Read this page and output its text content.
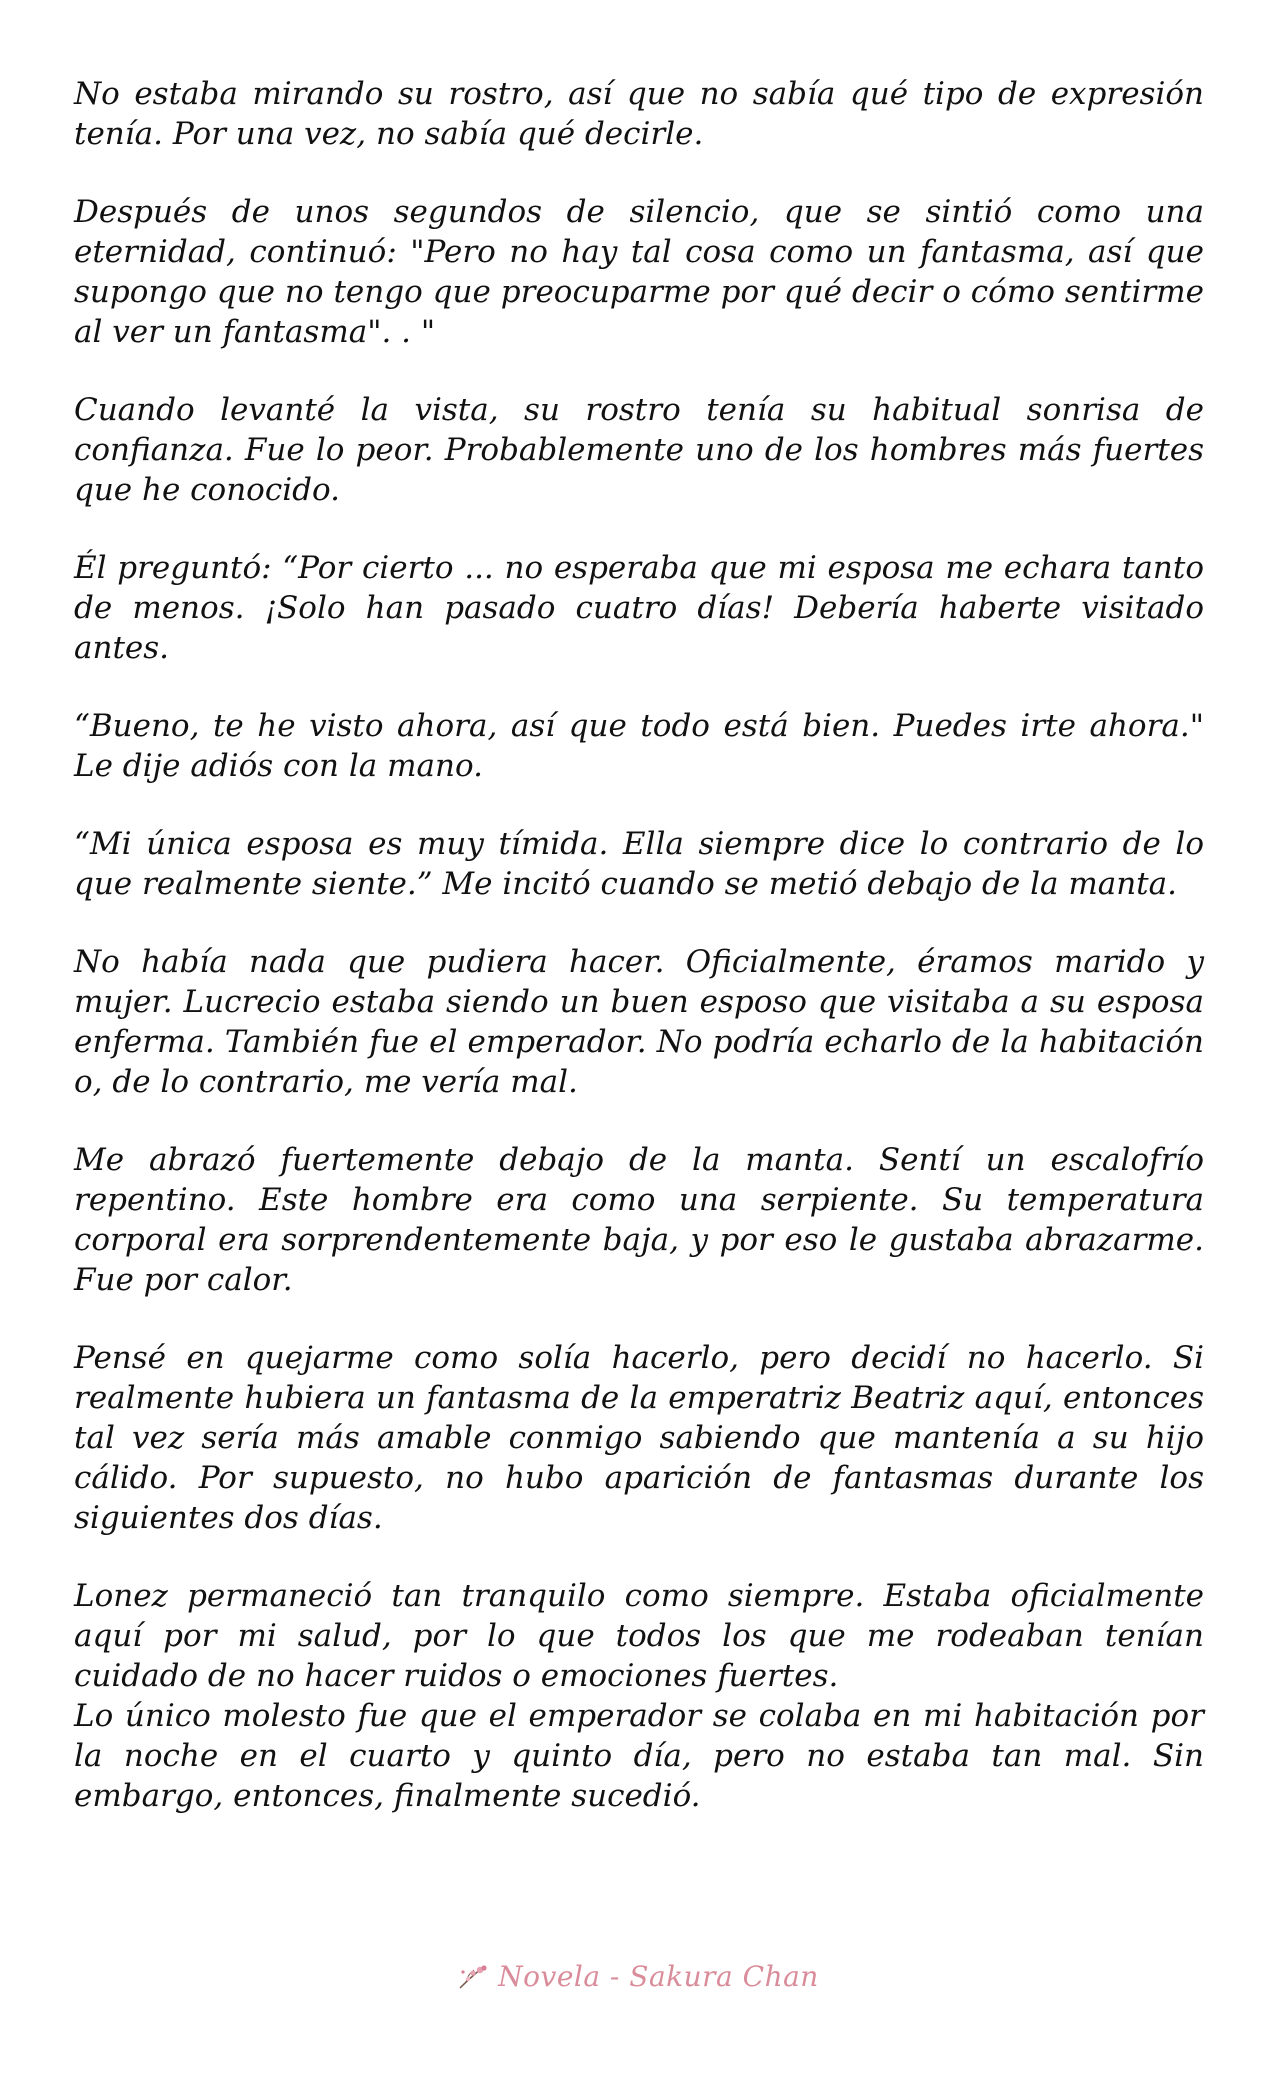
No estaba mirando su rostro, así que no sabía qué tipo de expresión tenía. Por una vez, no sabía qué decirle.

Después de unos segundos de silencio, que se sintió como una eternidad, continuó: "Pero no hay tal cosa como un fantasma, así que supongo que no tengo que preocuparme por qué decir o cómo sentirme al ver un fantasma". . "

Cuando levanté la vista, su rostro tenía su habitual sonrisa de confianza. Fue lo peor. Probablemente uno de los hombres más fuertes que he conocido.

Él preguntó: “Por cierto ... no esperaba que mi esposa me echara tanto de menos. ¡Solo han pasado cuatro días! Debería haberte visitado antes.

“Bueno, te he visto ahora, así que todo está bien. Puedes irte ahora." Le dije adiós con la mano.

“Mi única esposa es muy tímida. Ella siempre dice lo contrario de lo que realmente siente.” Me incitó cuando se metió debajo de la manta.

No había nada que pudiera hacer. Oficialmente, éramos marido y mujer. Lucrecio estaba siendo un buen esposo que visitaba a su esposa enferma. También fue el emperador. No podría echarlo de la habitación o, de lo contrario, me vería mal.

Me abrazó fuertemente debajo de la manta. Sentí un escalofrío repentino. Este hombre era como una serpiente. Su temperatura corporal era sorprendentemente baja, y por eso le gustaba abrazarme. Fue por calor.

Pensé en quejarme como solía hacerlo, pero decidí no hacerlo. Si realmente hubiera un fantasma de la emperatriz Beatriz aquí, entonces tal vez sería más amable conmigo sabiendo que mantenía a su hijo cálido. Por supuesto, no hubo aparición de fantasmas durante los siguientes dos días.

Lonez permaneció tan tranquilo como siempre. Estaba oficialmente aquí por mi salud, por lo que todos los que me rodeaban tenían cuidado de no hacer ruidos o emociones fuertes.

Lo único molesto fue que el emperador se colaba en mi habitación por la noche en el cuarto y quinto día, pero no estaba tan mal. Sin embargo, entonces, finalmente sucedió.

Novela - Sakura Chan
